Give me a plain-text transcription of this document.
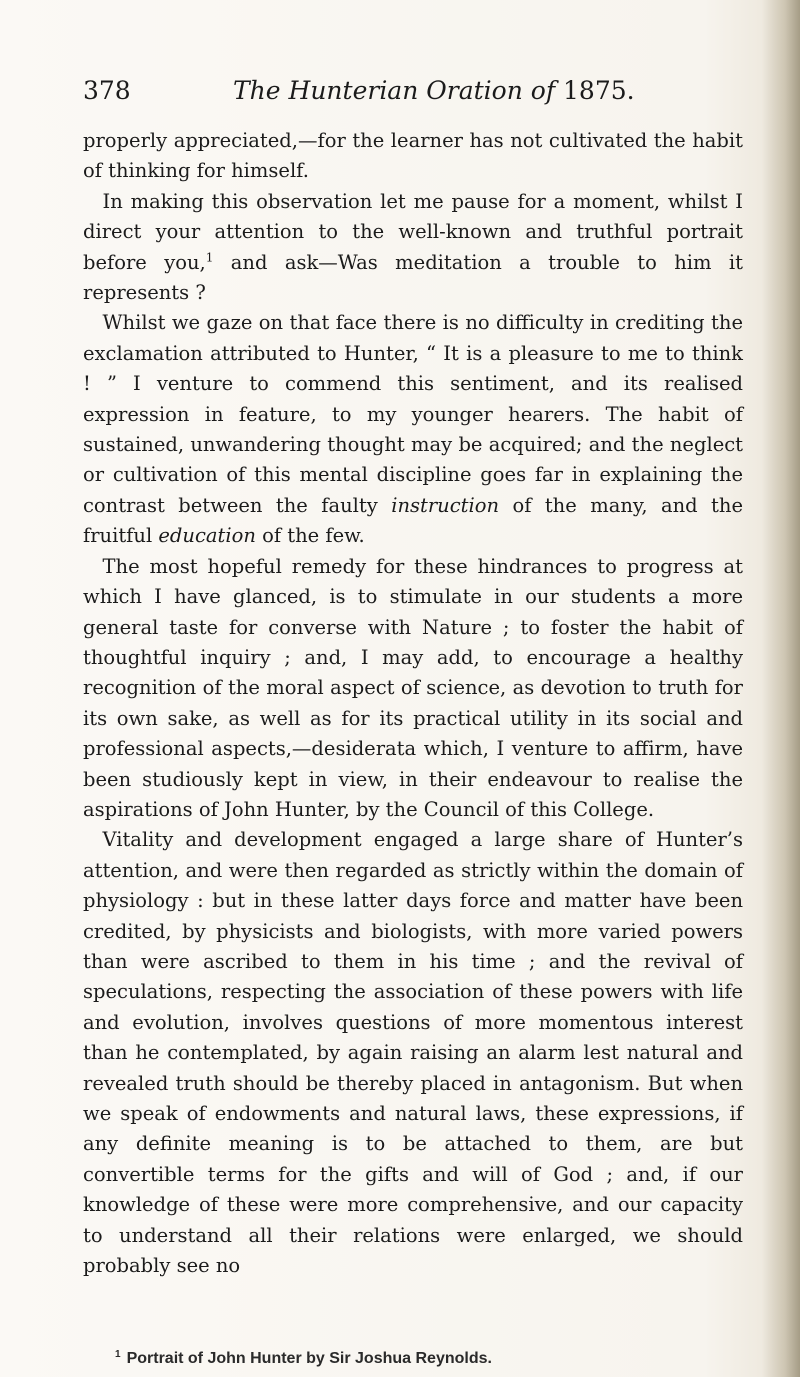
378	The Hunterian Oration of 1875.

properly appreciated,—for the learner has not cultivated the habit of thinking for himself.

 In making this observation let me pause for a moment, whilst I direct your attention to the well-known and truthful portrait before you,$^1$ and ask—Was meditation a trouble to him it represents ?

 Whilst we gaze on that face there is no difficulty in crediting the exclamation attributed to Hunter, “ It is a pleasure to me to think ! ” I venture to commend this sentiment, and its realised expression in feature, to my younger hearers. The habit of sustained, unwandering thought may be acquired; and the neglect or cultivation of this mental discipline goes far in explaining the contrast between the faulty instruction of the many, and the fruitful education of the few.

 The most hopeful remedy for these hindrances to progress at which I have glanced, is to stimulate in our students a more general taste for converse with Nature ; to foster the habit of thoughtful inquiry ; and, I may add, to encourage a healthy recognition of the moral aspect of science, as devotion to truth for its own sake, as well as for its practical utility in its social and professional aspects,—desiderata which, I venture to affirm, have been studiously kept in view, in their endeavour to realise the aspirations of John Hunter, by the Council of this College.

 Vitality and development engaged a large share of Hunter’s attention, and were then regarded as strictly within the domain of physiology : but in these latter days force and matter have been credited, by physicists and biologists, with more varied powers than were ascribed to them in his time ; and the revival of speculations, respecting the association of these powers with life and evolution, involves questions of more momentous interest than he contemplated, by again raising an alarm lest natural and revealed truth should be thereby placed in antagonism. But when we speak of endowments and natural laws, these expressions, if any definite meaning is to be attached to them, are but convertible terms for the gifts and will of God ; and, if our knowledge of these were more comprehensive, and our capacity to understand all their relations were enlarged, we should probably see no

$^1$ Portrait of John Hunter by Sir Joshua Reynolds.
